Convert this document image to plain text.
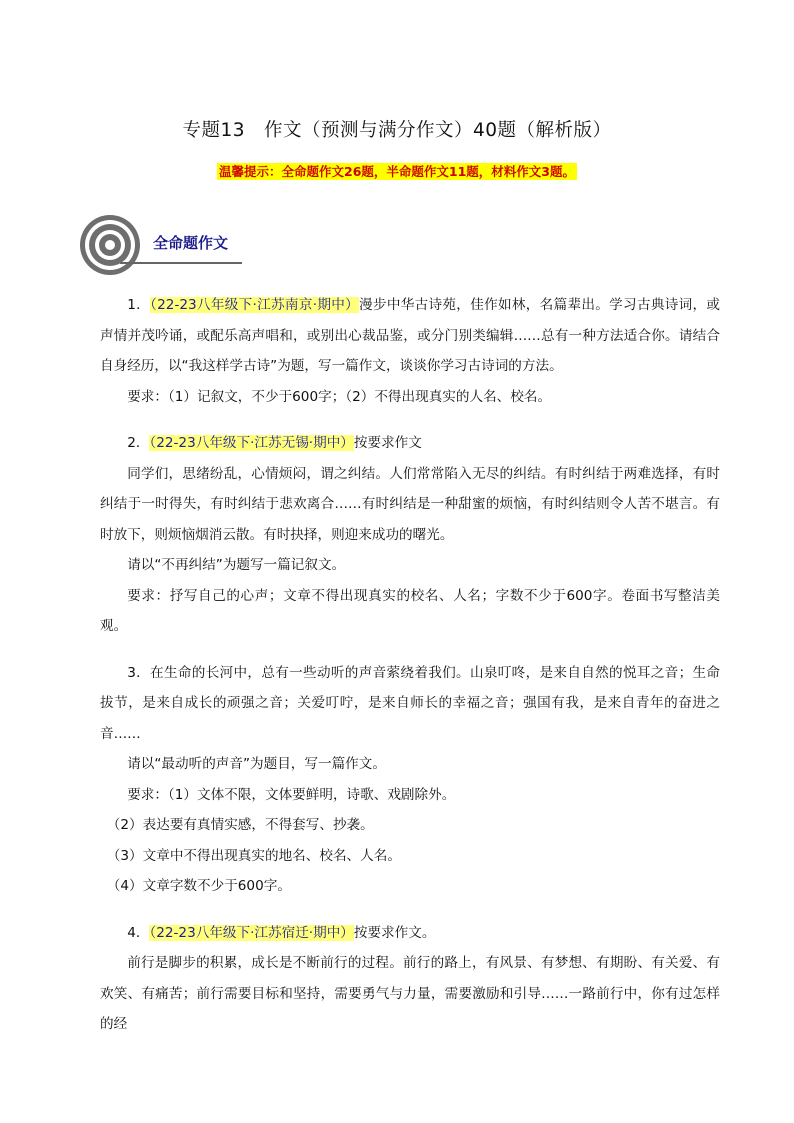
专题13　作文（预测与满分作文）40题（解析版）
温馨提示：全命题作文26题，半命题作文11题，材料作文3题。
全命题作文

1．（22-23八年级下·江苏南京·期中）漫步中华古诗苑，佳作如林，名篇辈出。学习古典诗词，或声情并茂吟诵，或配乐高声唱和，或别出心裁品鉴，或分门别类编辑……总有一种方法适合你。请结合自身经历，以“我这样学古诗”为题，写一篇作文，谈谈你学习古诗词的方法。

要求：（1）记叙文，不少于600字；（2）不得出现真实的人名、校名。

2．（22-23八年级下·江苏无锡·期中）按要求作文

同学们，思绪纷乱，心情烦闷，谓之纠结。人们常常陷入无尽的纠结。有时纠结于两难选择，有时纠结于一时得失，有时纠结于悲欢离合……有时纠结是一种甜蜜的烦恼，有时纠结则令人苦不堪言。有时放下，则烦恼烟消云散。有时抉择，则迎来成功的曙光。

请以“不再纠结”为题写一篇记叙文。

要求：抒写自己的心声；文章不得出现真实的校名、人名；字数不少于600字。卷面书写整洁美观。

3．在生命的长河中，总有一些动听的声音萦绕着我们。山泉叮咚，是来自自然的悦耳之音；生命拔节，是来自成长的顽强之音；关爱叮咛，是来自师长的幸福之音；强国有我，是来自青年的奋进之音……

请以“最动听的声音”为题目，写一篇作文。

要求：（1）文体不限，文体要鲜明，诗歌、戏剧除外。

（2）表达要有真情实感，不得套写、抄袭。

（3）文章中不得出现真实的地名、校名、人名。

（4）文章字数不少于600字。

4．（22-23八年级下·江苏宿迁·期中）按要求作文。

前行是脚步的积累，成长是不断前行的过程。前行的路上，有风景、有梦想、有期盼、有关爱、有欢笑、有痛苦；前行需要目标和坚持，需要勇气与力量，需要激励和引导……一路前行中，你有过怎样的经
